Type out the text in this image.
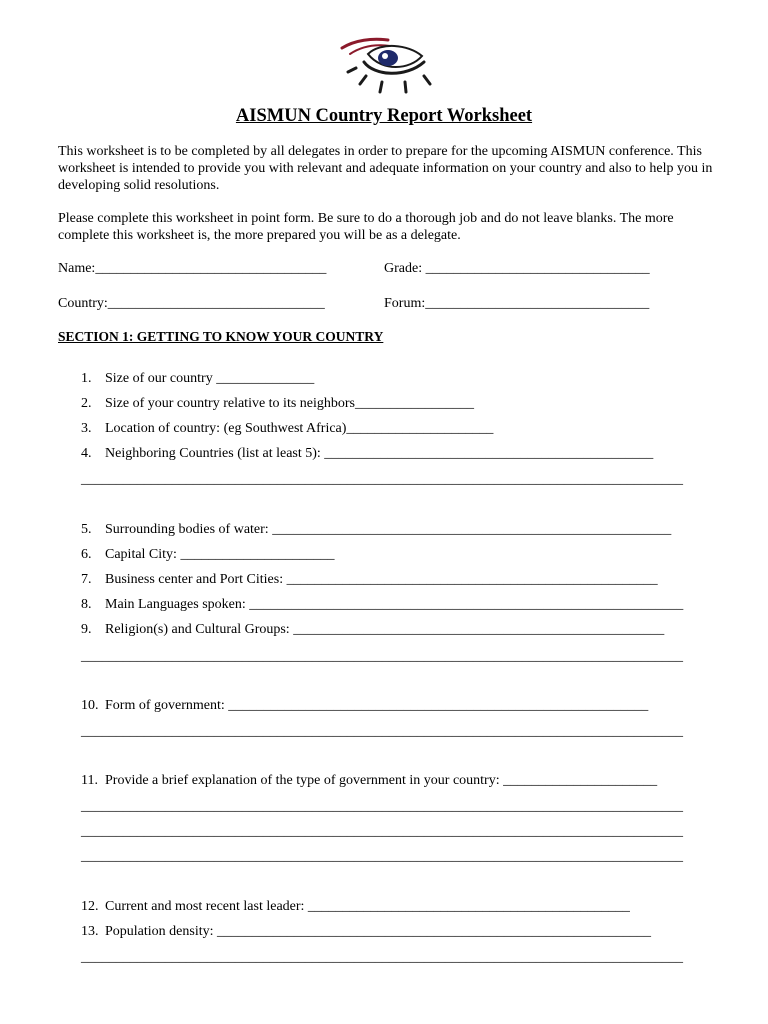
AISMUN Country Report Worksheet

This worksheet is to be completed by all delegates in order to prepare for the upcoming AISMUN conference. This worksheet is intended to provide you with relevant and adequate information on your country and also to help you in developing solid resolutions.

Please complete this worksheet in point form. Be sure to do a thorough job and do not leave blanks. The more complete this worksheet is, the more prepared you will be as a delegate.

Name:_________________________________	Grade: ________________________________
Country:_______________________________	Forum:________________________________
SECTION 1: GETTING TO KNOW YOUR COUNTRY
1. Size of our country ______________
2. Size of your country relative to its neighbors_________________
3. Location of country: (eg Southwest Africa)_____________________
4. Neighboring Countries (list at least 5): _______________________________________________
______________________________________________________________________________________
5. Surrounding bodies of water: _________________________________________________________
6. Capital City: ______________________
7. Business center and Port Cities: _____________________________________________________
8. Main Languages spoken: ______________________________________________________________
9. Religion(s) and Cultural Groups: _____________________________________________________
______________________________________________________________________________________
10. Form of government: ____________________________________________________________
______________________________________________________________________________________
11. Provide a brief explanation of the type of government in your country: ______________________
______________________________________________________________________________________
______________________________________________________________________________________
______________________________________________________________________________________
12. Current and most recent last leader: ______________________________________________
13. Population density: ______________________________________________________________
______________________________________________________________________________________
